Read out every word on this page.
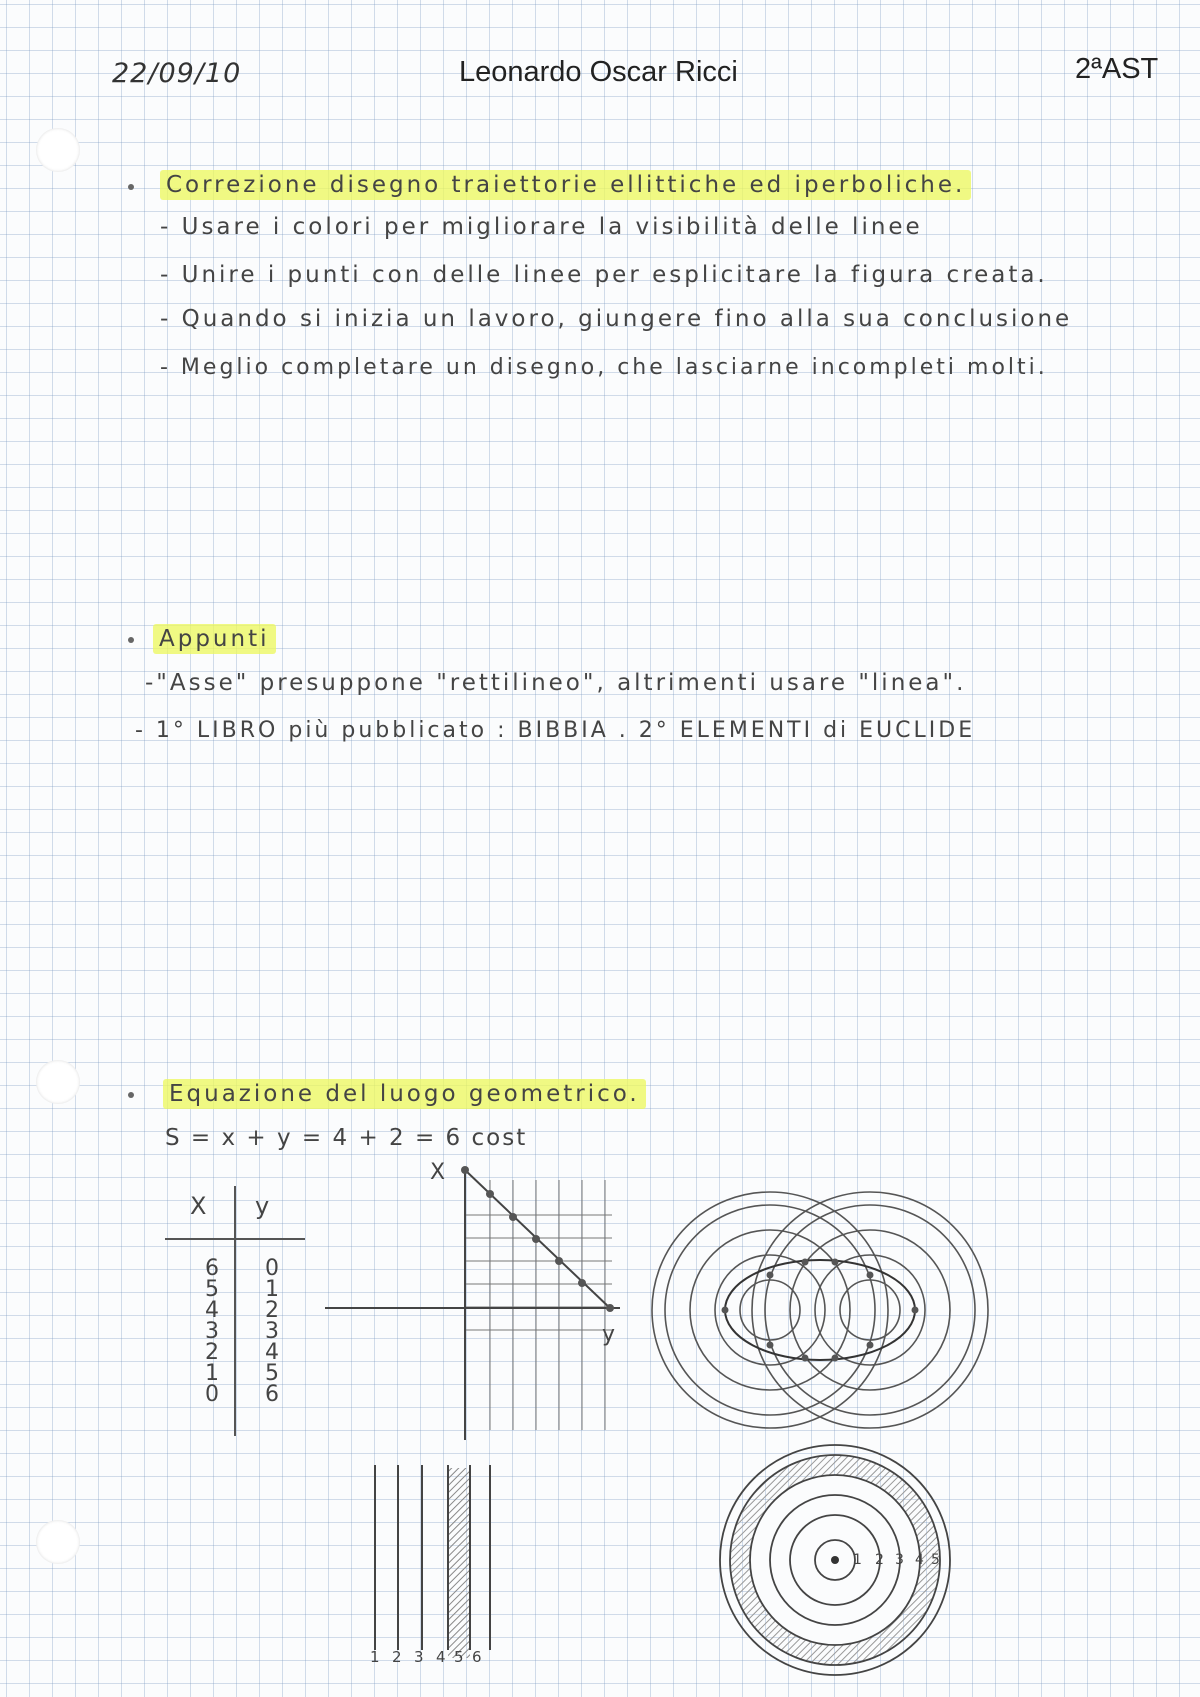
22/09/10	Leonardo Oscar Ricci	2ªAST
Correzione disegno traiettorie ellittiche ed iperboliche.
- Usare i colori per migliorare la visibilità delle linee
- Unire i punti con delle linee per esplicitare la figura creata.
- Quando si inizia un lavoro, giungere fino alla sua conclusione
- Meglio completare un disegno, che lasciarne incompleti molti.
Appunti
-"Asse" presuppone "rettilineo", altrimenti usare "linea".
- 1° LIBRO più pubblicato : BIBBIA . 2° ELEMENTI di EUCLIDE
Equazione del luogo geometrico.
S = x + y = 4 + 2 = 6 cost
X y
6
5
4
3
2
1
0
0
1
2
3
4
5
6
X
y
1 2 3 4 5 6
1 2 3 4 5
